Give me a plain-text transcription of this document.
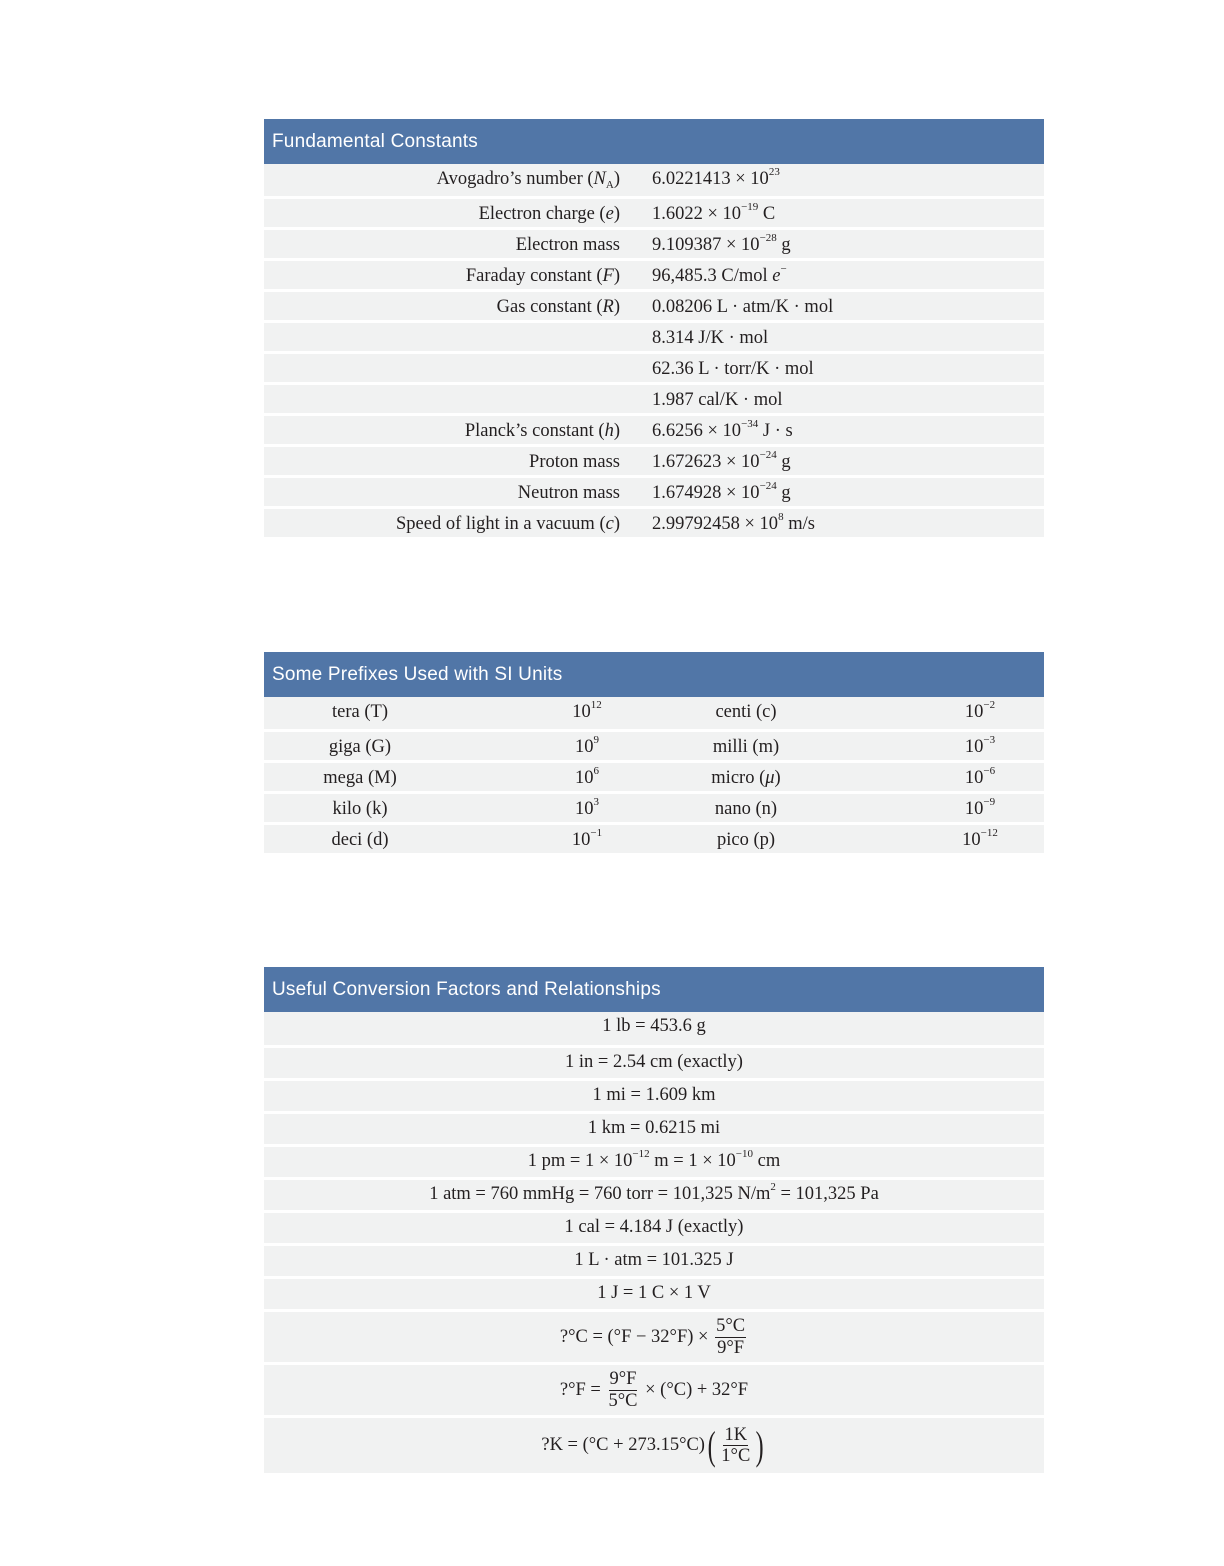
Fundamental Constants
Avogadro’s number $(N_A) 6.0221413 \times 10^{23}$
Electron charge (e) $1.6022 \times 10^{-19}$ C
Electron mass $9.109387 \times 10^{-28}$ g
Faraday constant (F) 96,485.3 C/mol e−
Gas constant (R) 0.08206 L · atm/K · mol
8.314 J/K · mol
62.36 L · torr/K · mol
1.987 cal/K · mol
Planck’s constant (h) $6.6256 \times 10^{-34}$ J · s
Proton mass $1.672623 \times 10^{-24}$ g
Neutron mass $1.674928 \times 10^{-24}$ g
Speed of light in a vacuum (c) $2.99792458 \times 10^8$ m/s
Some Prefixes Used with SI Units
tera (T)	$10^{12}$	centi (c)	$10^{-2}$
giga (G)	$10^9$	milli (m)	$10^{-3}$
mega (M)	$10^6$	micro (μ)	$10^{-6}$
kilo (k)	$10^3$	nano (n)	$10^{-9}$
deci (d)	$10^{-1}$	pico (p)	$10^{-12}$
Useful Conversion Factors and Relationships
1 lb = 453.6 g
1 in = 2.54 cm (exactly)
1 mi = 1.609 km
1 km = 0.6215 mi
1 pm = $1 \times 10^{-12}$ $m = 1 \times 10^{-10}$ cm
1 atm = 760 mmHg = 760 torr = 101,325 $N/m^2 = 101,325$ Pa
1 cal = 4.184 J (exactly)
1 L · atm = 101.325 J
1 J = 1 C × 1 V
?°C = $(^\circ F - 32^\circ F) \times \frac{5^\circ C}{9^\circ F}$
?°F = $\frac{9^\circ F}{5^\circ C} \times (^\circ C) + 32^\circ F$
?K = (°C + 273.15°C) ( $\frac{1K}{1^\circ C}$ )
